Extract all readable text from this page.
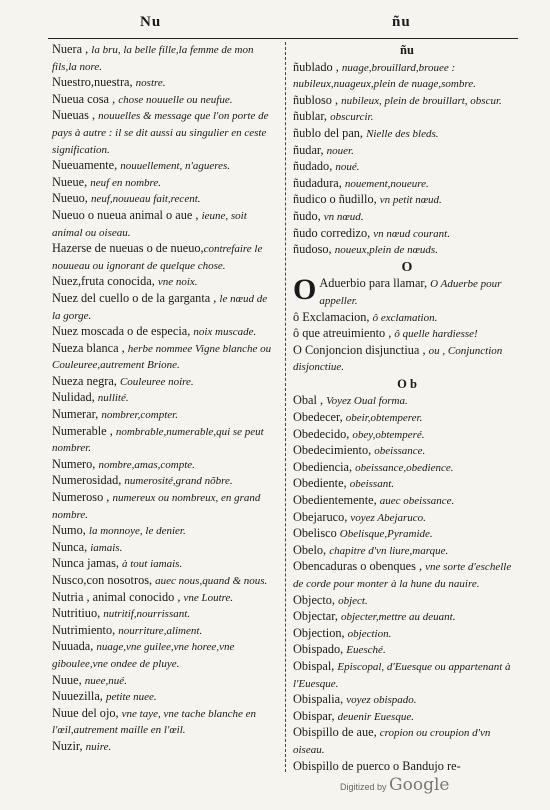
Nu	ñu
Nuera , la bru, la belle fille,la femme de mon fils,la nore.
Nuestro,nuestra, nostre.
Nueua cosa , chose nouuelle ou neufue.
Nueuas , nouuelles & message que l'on porte de pays à autre : il se dit aussi au singulier en ceste signification.
Nueuamente, nouuellement, n'agueres.
Nueue, neuf en nombre.
Nueuo, neuf,nouueau fait,recent.
Nueuo o nueua animal o aue , ieune, soit animal ou oiseau.
Hazerse de nueuas o de nueuo,contrefaire le nouueau ou ignorant de quelque chose.
Nuez,fruta conocida, vne noix.
Nuez del cuello o de la garganta , le nœud de la gorge.
Nuez moscada o de especia, noix muscade.
Nueza blanca , herbe nommee Vigne blanche ou Couleuree,autrement Brione.
Nueza negra, Couleuree noire.
Nulidad, nullité.
Numerar, nombrer,compter.
Numerable , nombrable,numerable,qui se peut nombrer.
Numero, nombre,amas,compte.
Numerosidad, numerosité,grand nõbre.
Numeroso , numereux ou nombreux, en grand nombre.
Numo, la monnoye, le denier.
Nunca, iamais.
Nunca jamas, à tout iamais.
Nusco,con nosotros, auec nous,quand & nous.
Nutria , animal conocido , vne Loutre.
Nutritiuo, nutritif,nourrissant.
Nutrimiento, nourriture,aliment.
Nuuada, nuage,vne guilee,vne horee,vne giboulee,vne ondee de pluye.
Nuue, nuee,nué.
Nuuezilla, petite nuee.
Nuue del ojo, vne taye, vne tache blanche en l'œil,autrement maille en l'œil.
Nuzir, nuire.
ñu
ñublado , nuage,brouillard,brouee : nubileux,nuageux,plein de nuage,sombre.
ñubloso , nubileux, plein de brouillart, obscur.
ñublar, obscurcir.
ñublo del pan, Nielle des bleds.
ñudar, nouer.
ñudado, noué.
ñudadura, nouement,noueure.
ñudico o ñudillo, vn petit nœud.
ñudo, vn nœud.
ñudo corredizo, vn nœud courant.
ñudoso, noueux,plein de nœuds.
O
O Aduerbio para llamar, O Aduerbe pour appeller.
ô Exclamacion, ô exclamation.
ô que atreuimiento , ô quelle hardiesse!
O Conjoncion disjunctiua , ou , Conjunction disjonctiue.
O b
Obal , Voyez Oual forma.
Obedecer, obeir,obtemperer.
Obedecido, obey,obtemperé.
Obedecimiento, obeissance.
Obediencia, obeissance,obedience.
Obediente, obeissant.
Obedientemente, auec obeissance.
Obejaruco, voyez Abejaruco.
Obelisco Obelisque,Pyramide.
Obelo, chapitre d'vn liure,marque.
Obencaduras o obenques , vne sorte d'eschelle de corde pour monter à la hune du nauire.
Objecto, object.
Objectar, objecter,mettre au deuant.
Objection, objection.
Obispado, Euesché.
Obispal, Episcopal, d'Euesque ou appartenant à l'Euesque.
Obispalia, voyez obispado.
Obispar, deuenir Euesque.
Obispillo de aue, cropion ou croupion d'vn oiseau.
Obispillo de puerco o Bandujo re-
Digitized by Google
